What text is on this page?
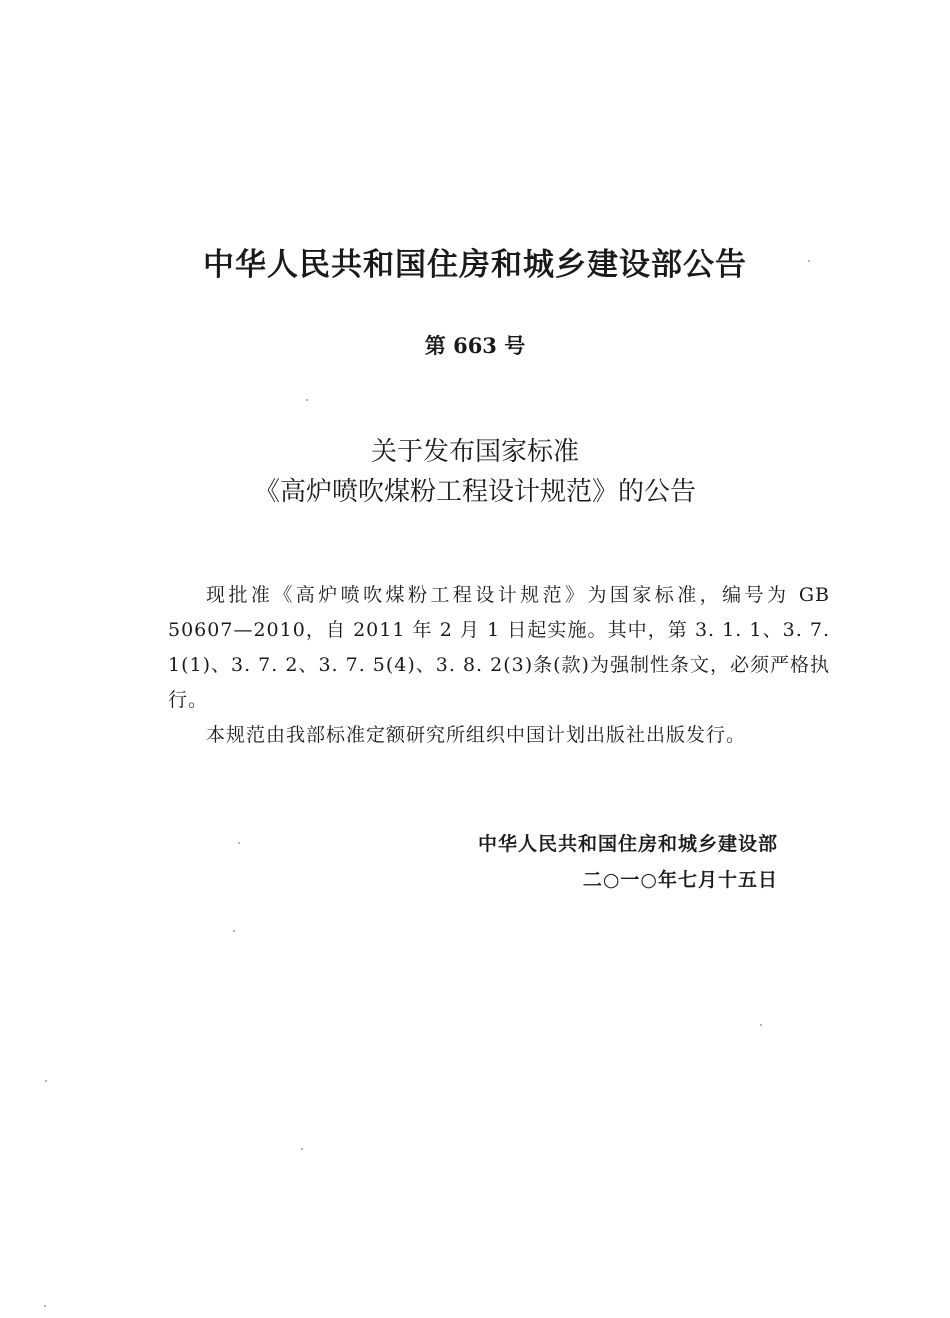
中华人民共和国住房和城乡建设部公告
第 663 号
关于发布国家标准
《高炉喷吹煤粉工程设计规范》的公告

现批准《高炉喷吹煤粉工程设计规范》为国家标准，编号为 GB 50607—2010，自 2011 年 2 月 1 日起实施。其中，第 3. 1. 1、3. 7. 1(1)、3. 7. 2、3. 7. 5(4)、3. 8. 2(3)条(款)为强制性条文，必须严格执行。

本规范由我部标准定额研究所组织中国计划出版社出版发行。

中华人民共和国住房和城乡建设部
二○一○年七月十五日
